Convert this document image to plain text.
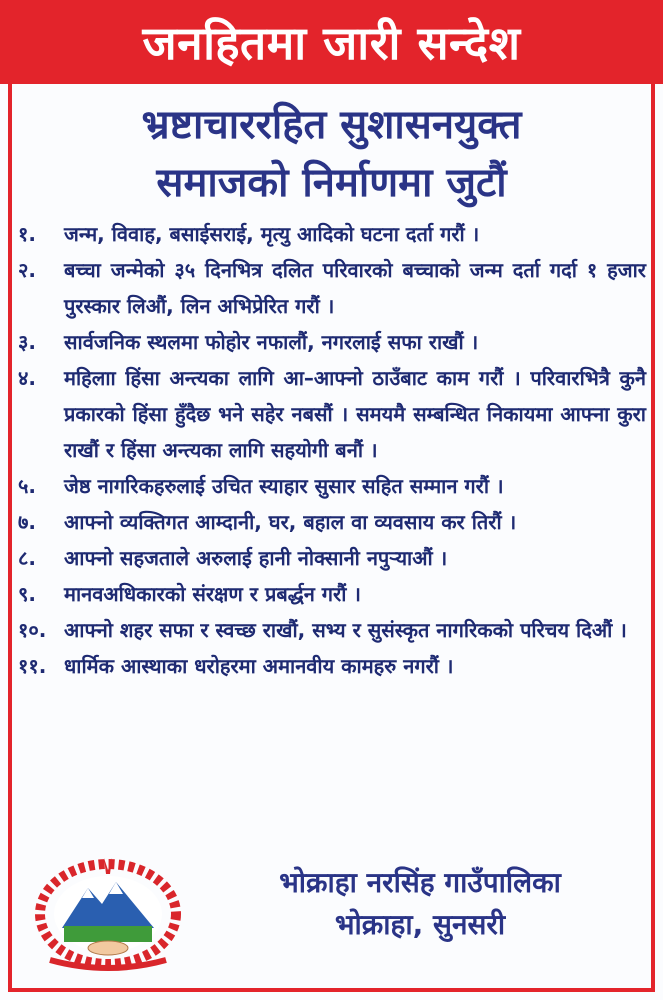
जनहितमा जारी सन्देश
भ्रष्टाचाररहित सुशासनयुक्त
समाजको निर्माणमा जुटौं
१.	जन्म, विवाह, बसाईसराई, मृत्यु आदिको घटना दर्ता गरौं ।
२.	बच्चा जन्मेको ३५ दिनभित्र दलित परिवारको बच्चाको जन्म दर्ता गर्दा १ हजार पुरस्कार लिऔं, लिन अभिप्रेरित गरौं ।
३.	सार्वजनिक स्थलमा फोहोर नफालौं, नगरलाई सफा राखौं ।
४.	महिलाा हिंसा अन्त्यका लागि आ–आफ्नो ठाउँबाट काम गरौं । परिवारभित्रै कुनै प्रकारको हिंसा हुँदैछ भने सहेर नबसौं । समयमै सम्बन्धित निकायमा आफ्ना कुरा राखौं र हिंसा अन्त्यका लागि सहयोगी बनौं ।
५.	जेष्ठ नागरिकहरुलाई उचित स्याहार सुसार सहित सम्मान गरौं ।
७.	आफ्नो व्यक्तिगत आम्दानी, घर, बहाल वा व्यवसाय कर तिरौं ।
८.	आफ्नो सहजताले अरुलाई हानी नोक्सानी नपुर्‍याऔं ।
९.	मानवअधिकारको संरक्षण र प्रबर्द्धन गरौं ।
१०. आफ्नो शहर सफा र स्वच्छ राखौं, सभ्य र सुसंस्कृत नागरिकको परिचय दिऔं ।
११. धार्मिक आस्थाका धरोहरमा अमानवीय कामहरु नगरौं ।
भोक्राहा नरसिंह गाउँपालिका
भोक्राहा, सुनसरी
